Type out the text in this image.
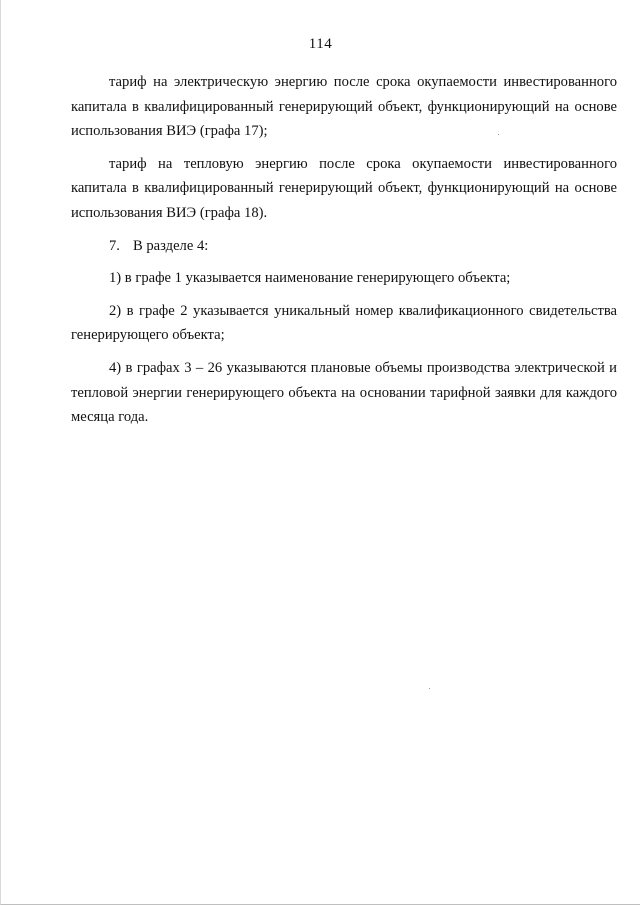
114

тариф на электрическую энергию после срока окупаемости инвестированного капитала в квалифицированный генерирующий объект, функционирующий на основе использования ВИЭ (графа 17);

тариф на тепловую энергию после срока окупаемости инвестированного капитала в квалифицированный генерирующий объект, функционирующий на основе использования ВИЭ (графа 18).

7. В разделе 4:

1) в графе 1 указывается наименование генерирующего объекта;

2) в графе 2 указывается уникальный номер квалификационного свидетельства генерирующего объекта;

4) в графах 3 – 26 указываются плановые объемы производства электрической и тепловой энергии генерирующего объекта на основании тарифной заявки для каждого месяца года.
